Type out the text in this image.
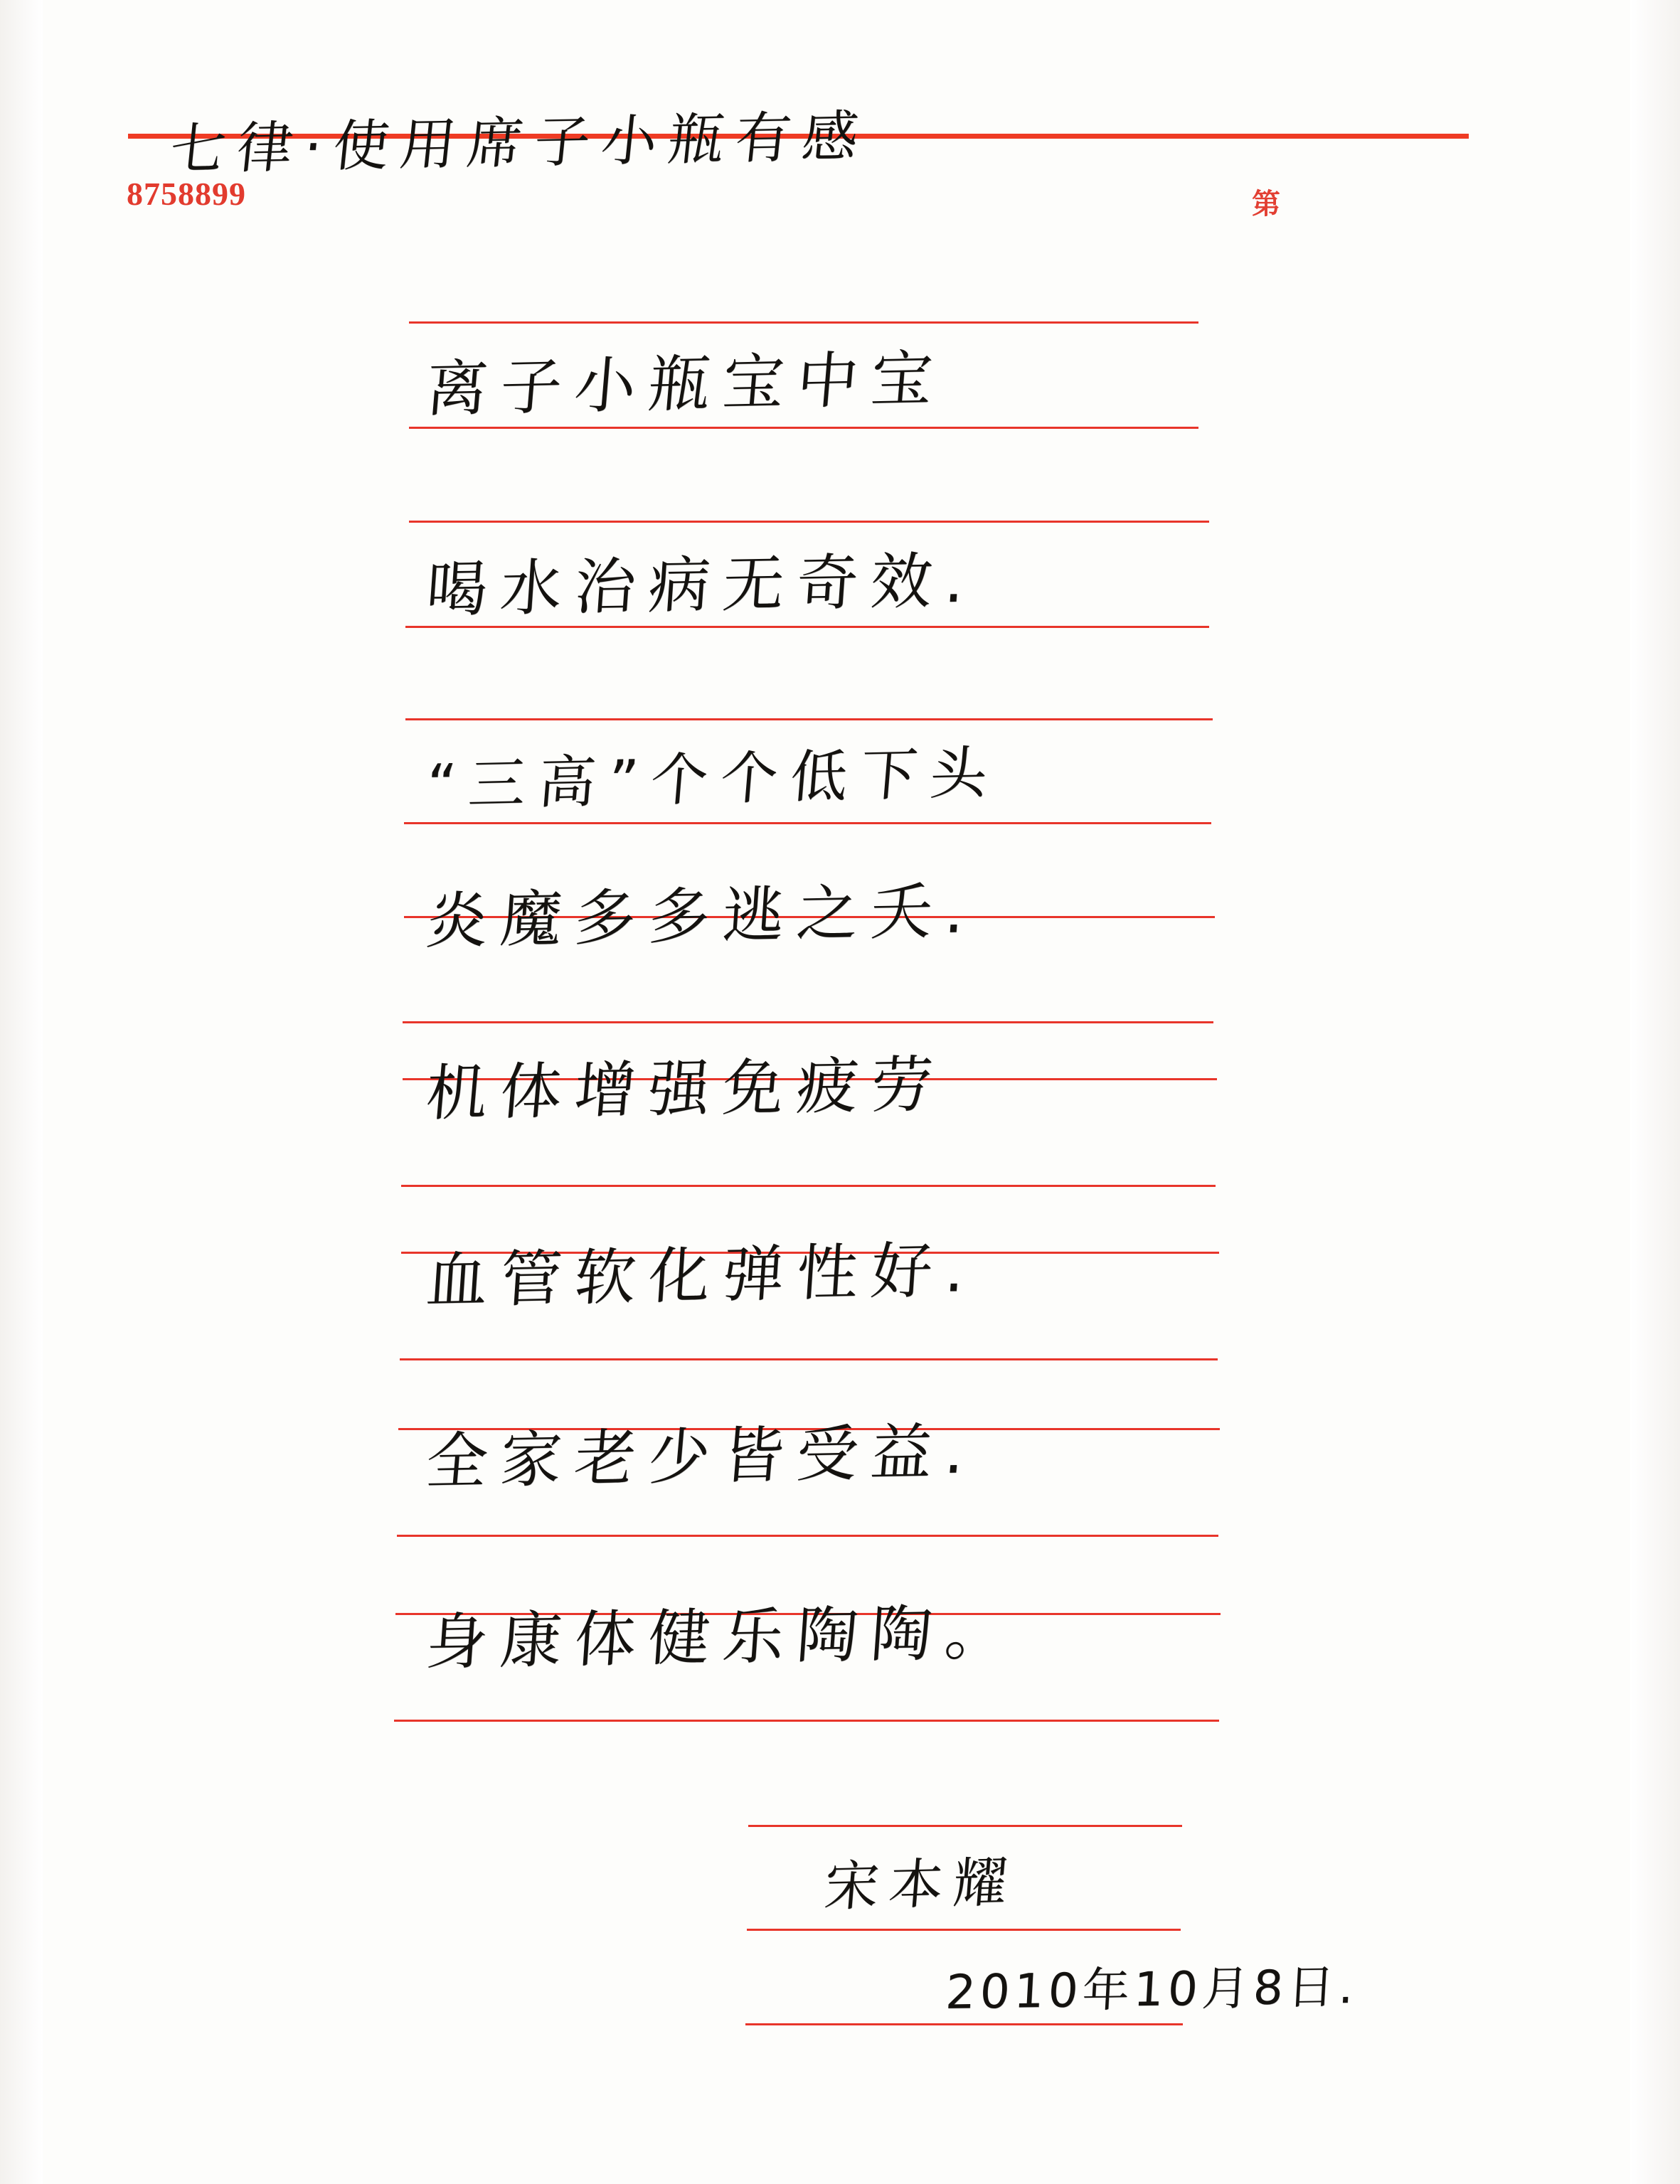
8758899	第
七律·使用席子小瓶有感
离子小瓶宝中宝
喝水治病无奇效.
“三高”个个低下头
炎魔多多逃之夭.
机体增强免疲劳
血管软化弹性好.
全家老少皆受益.
身康体健乐陶陶。
宋本耀
2010年10月8日.
